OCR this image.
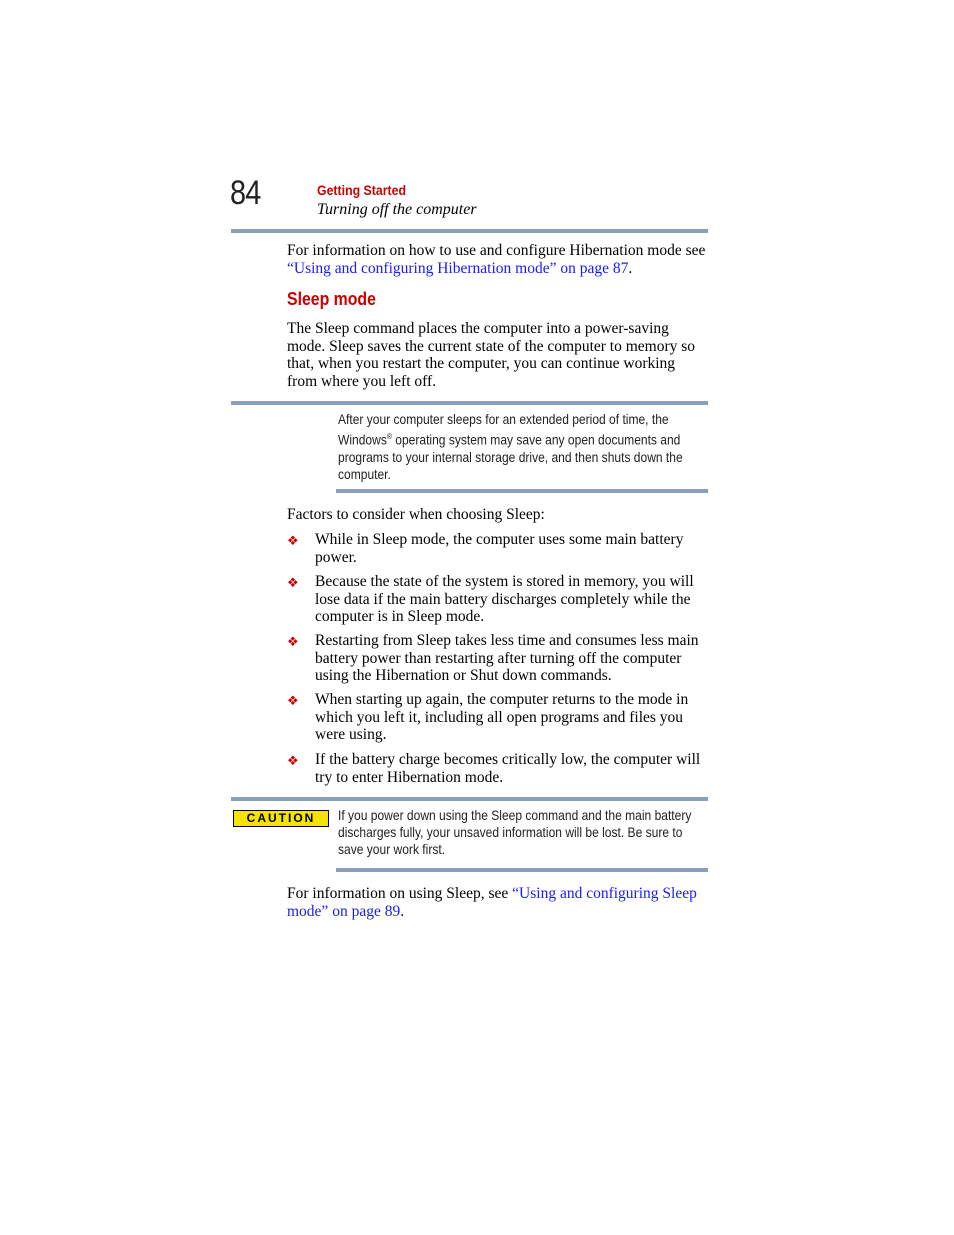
84	Getting Started
Turning off the computer
For information on how to use and configure Hibernation mode see “Using and configuring Hibernation mode” on page 87.
Sleep mode
The Sleep command places the computer into a power-saving mode. Sleep saves the current state of the computer to memory so that, when you restart the computer, you can continue working from where you left off.
After your computer sleeps for an extended period of time, the Windows® operating system may save any open documents and programs to your internal storage drive, and then shuts down the computer.
Factors to consider when choosing Sleep:
❖ While in Sleep mode, the computer uses some main battery power.
❖ Because the state of the system is stored in memory, you will lose data if the main battery discharges completely while the computer is in Sleep mode.
❖ Restarting from Sleep takes less time and consumes less main battery power than restarting after turning off the computer using the Hibernation or Shut down commands.
❖ When starting up again, the computer returns to the mode in which you left it, including all open programs and files you were using.
❖ If the battery charge becomes critically low, the computer will try to enter Hibernation mode.
CAUTION	If you power down using the Sleep command and the main battery discharges fully, your unsaved information will be lost. Be sure to save your work first.
For information on using Sleep, see “Using and configuring Sleep mode” on page 89.
